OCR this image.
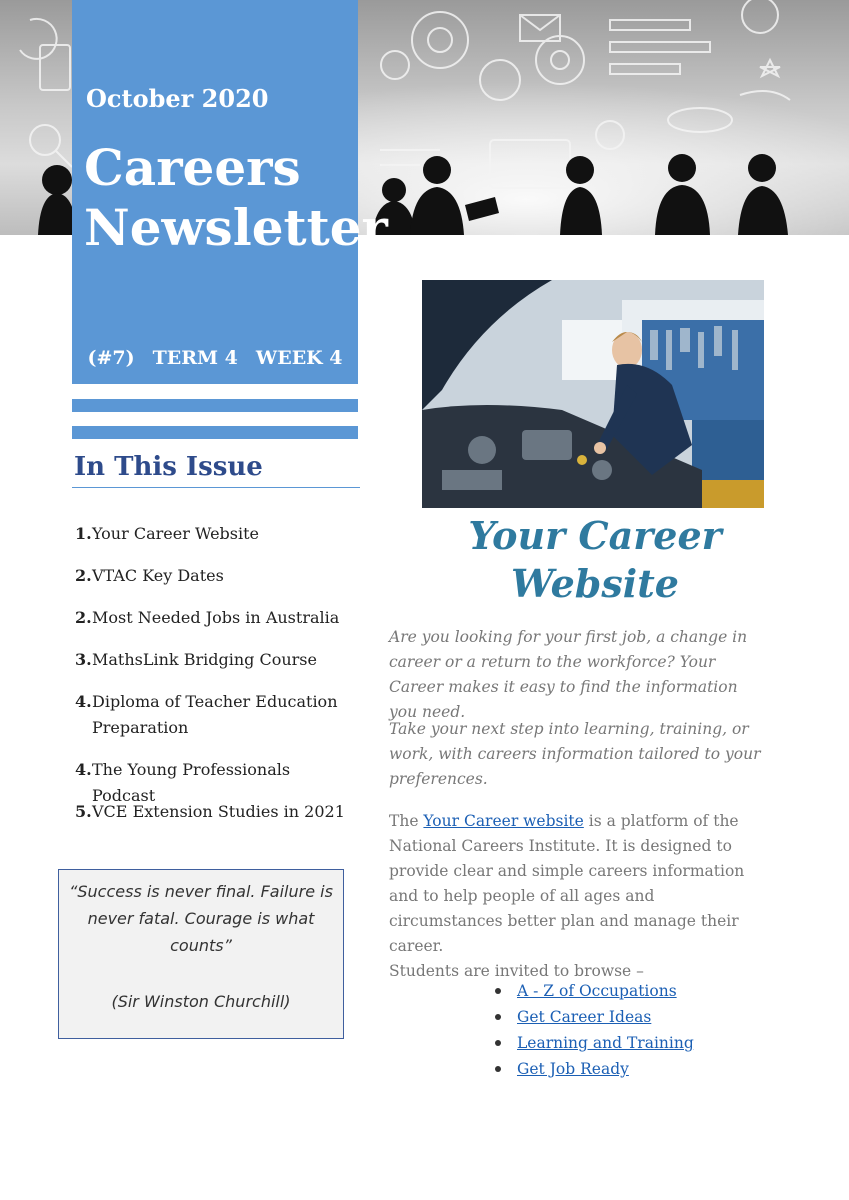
October 2020
Careers
Newsletter
(#7) TERM 4 WEEK 4
In This Issue
1. Your Career Website
2. VTAC Key Dates
2. Most Needed Jobs in Australia
3. MathsLink Bridging Course
4. Diploma of Teacher Education Preparation
4. The Young Professionals Podcast
5. VCE Extension Studies in 2021
“Success is never final. Failure is never fatal. Courage is what counts”
(Sir Winston Churchill)
Your Career
Website

Are you looking for your first job, a change in career or a return to the workforce? Your Career makes it easy to find the information you need.

Take your next step into learning, training, or work, with careers information tailored to your preferences.

The Your Career website is a platform of the National Careers Institute. It is designed to provide clear and simple careers information and to help people of all ages and circumstances better plan and manage their career.
Students are invited to browse –

A - Z of Occupations
Get Career Ideas
Learning and Training
Get Job Ready
